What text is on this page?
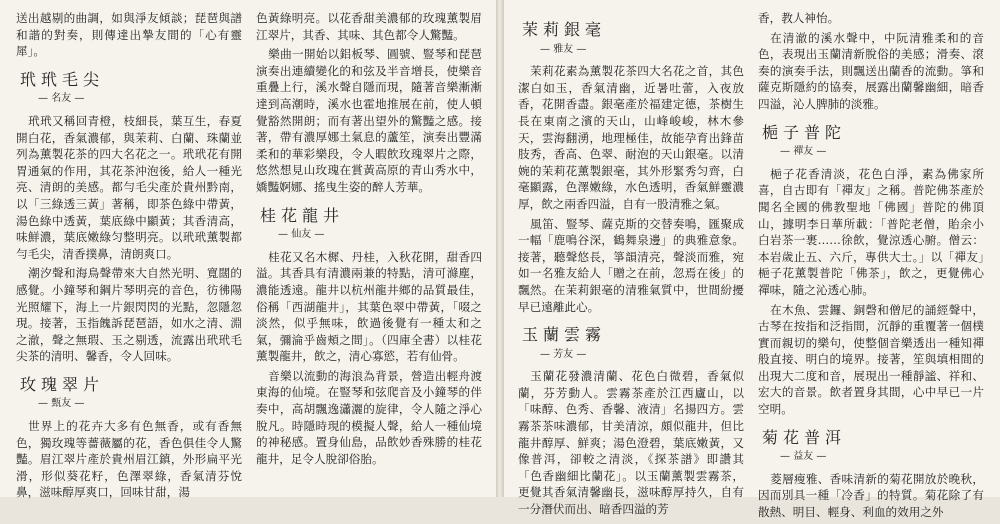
送出越剔的曲調，如與淨友傾談；琵琶與譜和諧的對奏，則傳達出摯友間的「心有靈犀」。

玳玳毛尖
— 名友 —

玳玳又稱回青橙，枝細長，葉互生，春夏開白花，香氣濃郁，與茉莉、白蘭、珠蘭並列為薰製花茶的四大名花之一。玳玳花有開胃通氣的作用，其花茶沖泡後，給人一種光亮、清朗的美感。都勻毛尖產於貴州黔南，以「三綠透三黃」著稱，即茶色綠中帶黃，湯色綠中透黃，葉底綠中顯黃；其香清高，味鮮濃，葉底嫩綠匀整明亮。以玳玳薰製都勻毛尖，清香撲鼻，清朗爽口。

潮汐聲和海鳥聲帶來大自然光明、寬闊的感覺。小鐘琴和鋼片琴明亮的音色，彷彿陽光照耀下，海上一片銀閃閃的光點，忽隱忽現。接著，玉指餽訴琵琶語，如水之清、淵之澈，聲之無瑕、玉之剔透，流露出玳玳毛尖茶的清明、馨香，令人回味。

玫瑰翠片
— 甄友 —

世界上的花卉大多有色無香，或有香無色，獨玫瑰等薔薇屬的花，香色俱佳令人驚豔。眉江翠片產於貴州眉江鎮，外形扁平光滑，形似葵花籽，色澤翠綠，香氣清芬悅鼻，滋味醇厚爽口，回味甘甜，湯

色黃綠明亮。以花香甜美濃郁的玫瑰薰製眉江翠片，其香、其味、其色都令人驚豔。

樂曲一開始以鋁板琴、圓號、豎琴和琵琶演奏出連續變化的和弦及半音增長，使樂音重疊上行，溪水聲自隱而現，隨著音樂漸漸達到高潮時，溪水也霍地推展在前，使人頓覺豁然開朗；而有著出望外的驚豔之感。接著，帶有濃厚娜土氣息的蘆笙，演奏出豐滿柔和的華彩樂段，令人暇飲玫瑰翠片之際，悠然想見山玫瑰在賞黃高原的青山秀水中，嬌豔婀娜、搖曳生姿的醉人芳華。

桂花龍井
— 仙友 —

桂花又名木樨、丹桂，入秋花開，甜香四溢。其香具有清濃兩兼的特點，清可滌塵，濃能透遠。龍井以杭州龍井鄉的品質最佳，俗稱「西湖龍井」，其葉色翠中帶黃，「啜之淡然，似乎無味，飲過後覺有一種太和之氣，彌淪乎齒頰之間」。（四庫全書）以桂花薰製龍井，飲之，清心寡慾，若有仙骨。

音樂以流動的海浪為背景，營造出輕舟渡東海的仙境。在豎琴和弦爬音及小鐘琴的伴奏中，高胡飄逸瀟灑的旋律，令人隨之淨心脫凡。時隱時現的模擬人聲，給人一種仙境的神秘感。置身仙島，品飲妙香殊勝的桂花龍井，足令人脫卻俗胎。

茉莉銀毫
— 雅友 —

茉莉花素為薰製花茶四大名花之首，其色潔白如玉，香氣清幽，近暑吐蕾，入夜放香，花開香盡。銀毫產於福建定德，茶樹生長在東南之濱的天山，山峰峻峻，林木參天，雲海翻湧，地理極佳，故能孕育出鋒苗肢秀，香高、色翠、耐泡的天山銀毫。以清婉的茉莉花薰製銀毫，其外形緊秀匀齊，白毫顯露，色澤嫩綠，水色透明，香氣鮮靈濃厚，飲之兩香四溢，自有一股清雅之氣。

風笛、豎琴、薩克斯的交替奏鳴，匯聚成一幅「鹿鳴谷深，鶴舞泉邊」的典雅意象。接著，聽聲悠長，箏韻清亮，聲淡而雅，宛如一名雅友給人「贈之在前，忽焉在後」的飄然。在茉莉銀毫的清雅氣質中，世間紛擾早已遠離此心。

玉蘭雲霧
— 芳友 —

玉蘭花發濃清蘭、花色白微碧，香氣似蘭，芬芳動人。雲霧茶產於江西廬山，以「味醇、色秀、香馨、液清」名揚四方。雲霧茶茶味濃郁，甘美清涼，頗似龍井，但比龍井醇厚、鮮爽；湯色澄碧，葉底嫩黃，又像普洱，卻較之清淡，《探茶譜》即讚其「色香幽細比蘭花」。以玉蘭薰製雲霧茶，更覺其香氣清馨幽長，滋味醇厚持久，自有一分潛伏而出、暗香四溢的芳

香，教人神怡。

在清澈的溪水聲中，中阮清雅柔和的音色，表現出玉蘭清新脫俗的美感；滑奏、滾奏的演奏手法，則飄送出蘭香的流動。箏和薩克斯隱約的協奏，展露出蘭馨幽細，暗香四溢，沁人脾肺的淡雅。

梔子普陀
— 禪友 —

梔子花香清淡，花色白淨，素為佛家所喜，自古即有「禪友」之稱。普陀佛茶產於聞名全國的佛教聖地「佛國」普陀的佛頂山，據明李日華所載：「普陀老僧，貽余小白岩茶一裹……徐飲，覺涼透心腑。僧云：本岩歲止五、六斤，專供大士。」以「禪友」梔子花薰製普陀「佛茶」，飲之，更覺佛心禪味，隨之沁透心肺。

在木魚、雲鑼、銅磬和僧尼的誦經聲中，古琴在按指和泛指間，沉靜的重覆著一個樸實而親切的樂句，使整個音樂透出一種知禪般直接、明白的境界。接著，笙與填相間的出現大二度和音，展現出一種靜謐、祥和、宏大的音景。飲者置身其間，心中早已一片空明。

菊花普洱
— 益友 —

菱層瘦雅、香味清新的菊花開放於晚秋，因而別具一種「冷香」的特質。菊花除了有散熱、明目、輕身、利血的效用之外
